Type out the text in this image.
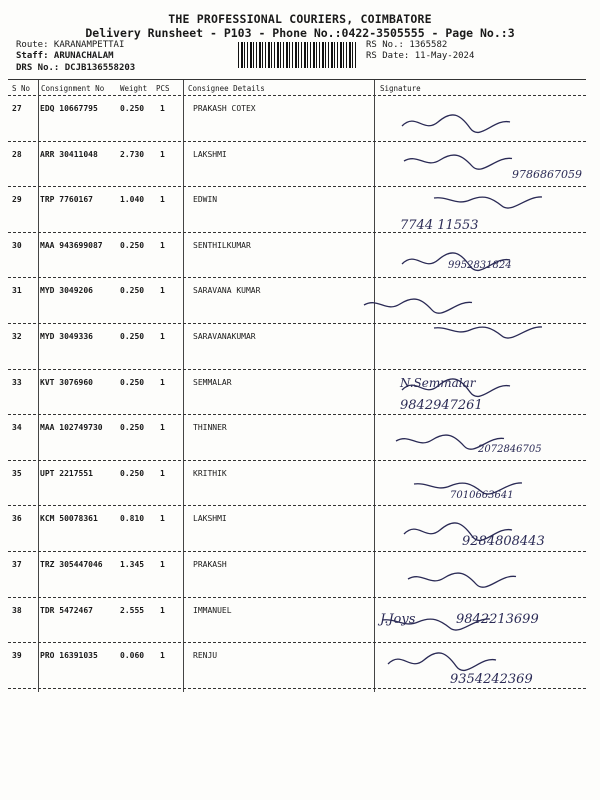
THE PROFESSIONAL COURIERS, COIMBATORE
Delivery Runsheet - P103 - Phone No.:0422-3505555 - Page No.:3
Route: KARANAMPETTAI
Staff: ARUNACHALAM
DRS No.: DCJB136558203
RS No.: 1365582
RS Date: 11-May-2024
S No Consignment No Weight PCS Consignee Details	Signature
27 EDQ 10667795	0.250 1	PRAKASH COTEX
28 ARR 30411048	2.730 1	LAKSHMI
9786867059
29 TRP 7760167	1.040 1	EDWIN
7744 11553
30 MAA 943699087 0.250 1	SENTHILKUMAR
9952831824
31 MYD 3049206	0.250 1	SARAVANA KUMAR
32 MYD 3049336	0.250 1	SARAVANAKUMAR
33 KVT 3076960	0.250 1	SEMMALAR	N.Semmalar
9842947261
34 MAA 102749730 0.250 1	THINNER
2072846705
35 UPT 2217551	0.250 1	KRITHIK
7010663641
36 KCM 50078361	0.810 1	LAKSHMI
9284808443
37 TRZ 305447046 1.345 1	PRAKASH
38 TDR 5472467	2.555 1	IMMANUEL
J.Joys	9842213699
39 PRO 16391035	0.060 1	RENJU
9354242369
